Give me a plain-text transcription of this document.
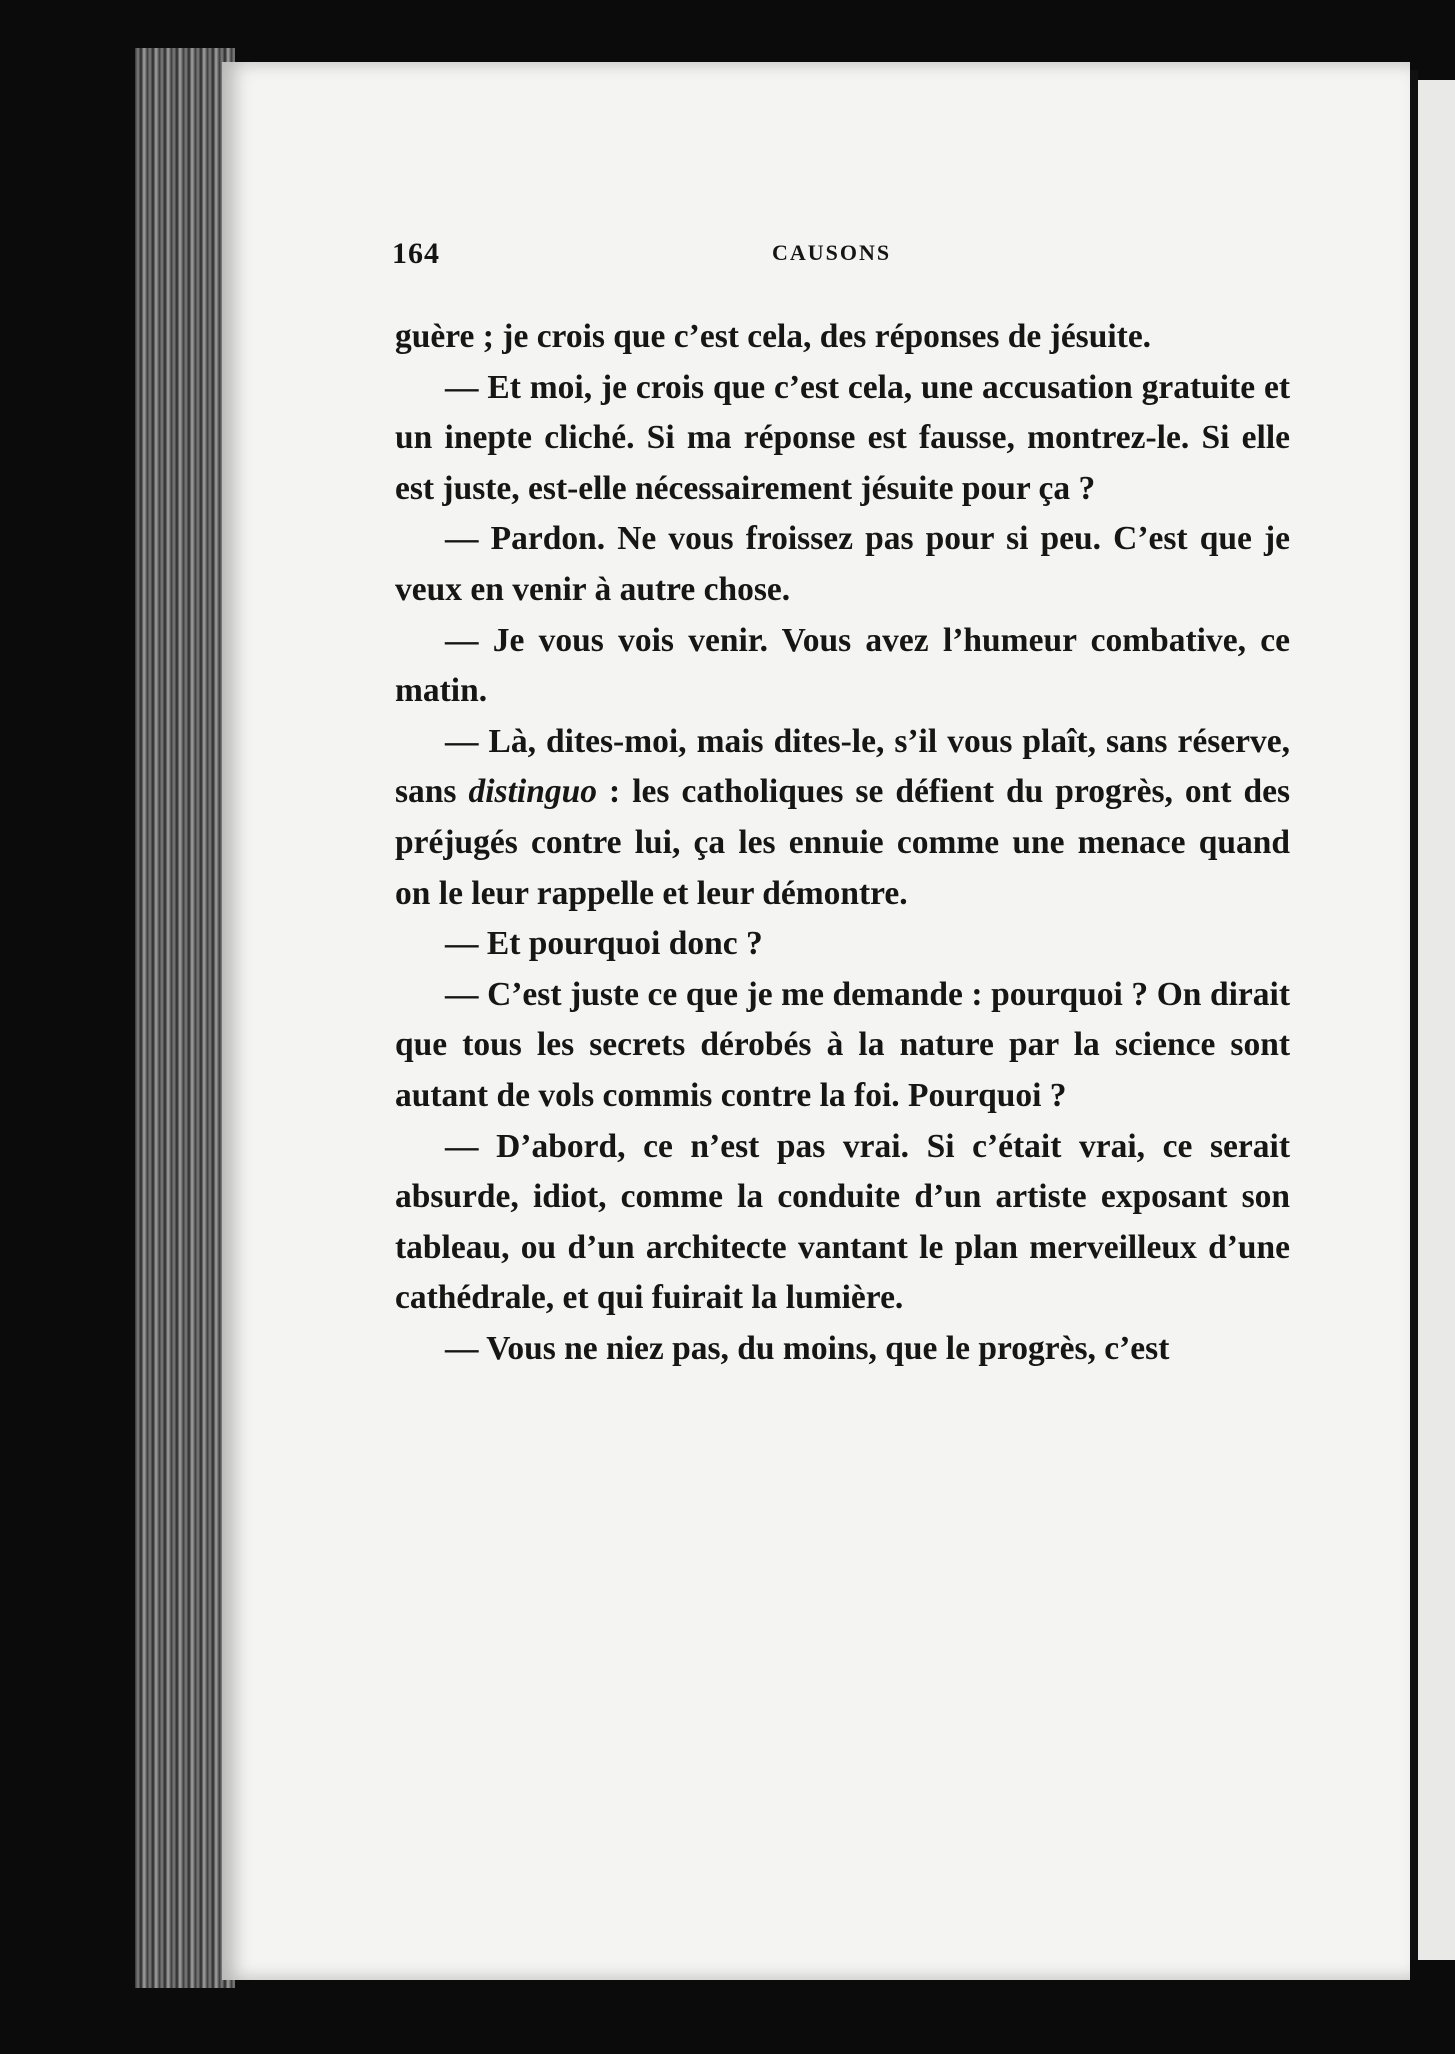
164	CAUSONS

guère ; je crois que c’est cela, des réponses de jésuite.

— Et moi, je crois que c’est cela, une accusation gratuite et un inepte cliché. Si ma réponse est fausse, montrez-le. Si elle est juste, est-elle nécessairement jésuite pour ça ?

— Pardon. Ne vous froissez pas pour si peu. C’est que je veux en venir à autre chose.

— Je vous vois venir. Vous avez l’humeur combative, ce matin.

— Là, dites-moi, mais dites-le, s’il vous plaît, sans réserve, sans distinguo : les catholiques se défient du progrès, ont des préjugés contre lui, ça les ennuie comme une menace quand on le leur rappelle et leur démontre.

— Et pourquoi donc ?

— C’est juste ce que je me demande : pourquoi ? On dirait que tous les secrets dérobés à la nature par la science sont autant de vols commis contre la foi. Pourquoi ?

— D’abord, ce n’est pas vrai. Si c’était vrai, ce serait absurde, idiot, comme la conduite d’un artiste exposant son tableau, ou d’un architecte vantant le plan merveilleux d’une cathédrale, et qui fuirait la lumière.

— Vous ne niez pas, du moins, que le progrès, c’est
